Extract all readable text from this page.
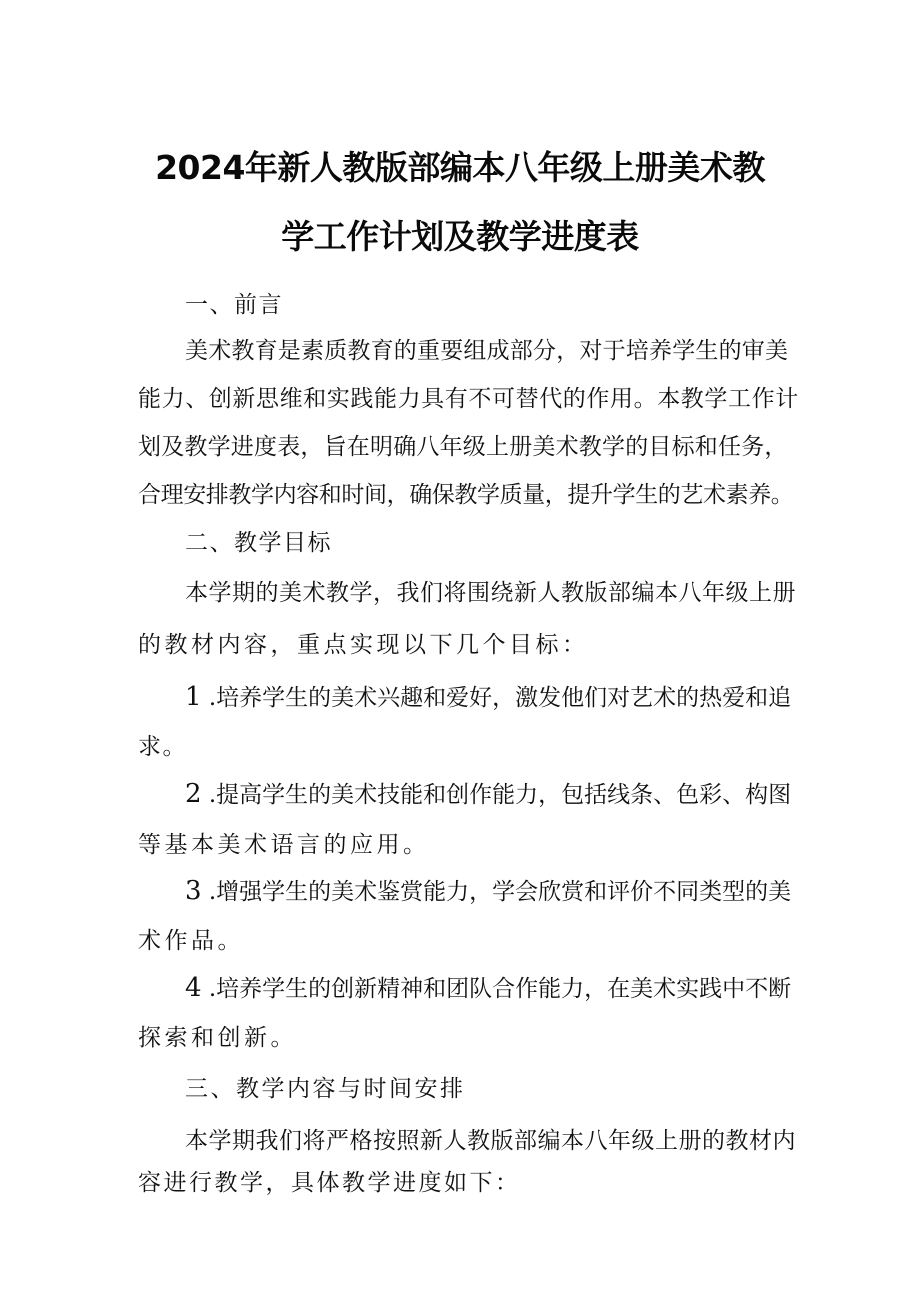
2024年新人教版部编本八年级上册美术教
学工作计划及教学进度表
一、前言
美术教育是素质教育的重要组成部分，对于培养学生的审美
能力、创新思维和实践能力具有不可替代的作用。本教学工作计
划及教学进度表，旨在明确八年级上册美术教学的目标和任务，
合理安排教学内容和时间，确保教学质量，提升学生的艺术素养。
二、教学目标
本学期的美术教学，我们将围绕新人教版部编本八年级上册
的教材内容，重点实现以下几个目标：
1 .培养学生的美术兴趣和爱好，激发他们对艺术的热爱和追
求。
2 .提高学生的美术技能和创作能力，包括线条、色彩、构图
等基本美术语言的应用。
3 .增强学生的美术鉴赏能力，学会欣赏和评价不同类型的美
术作品。
4 .培养学生的创新精神和团队合作能力，在美术实践中不断
探索和创新。
三、教学内容与时间安排
本学期我们将严格按照新人教版部编本八年级上册的教材内
容进行教学，具体教学进度如下：
